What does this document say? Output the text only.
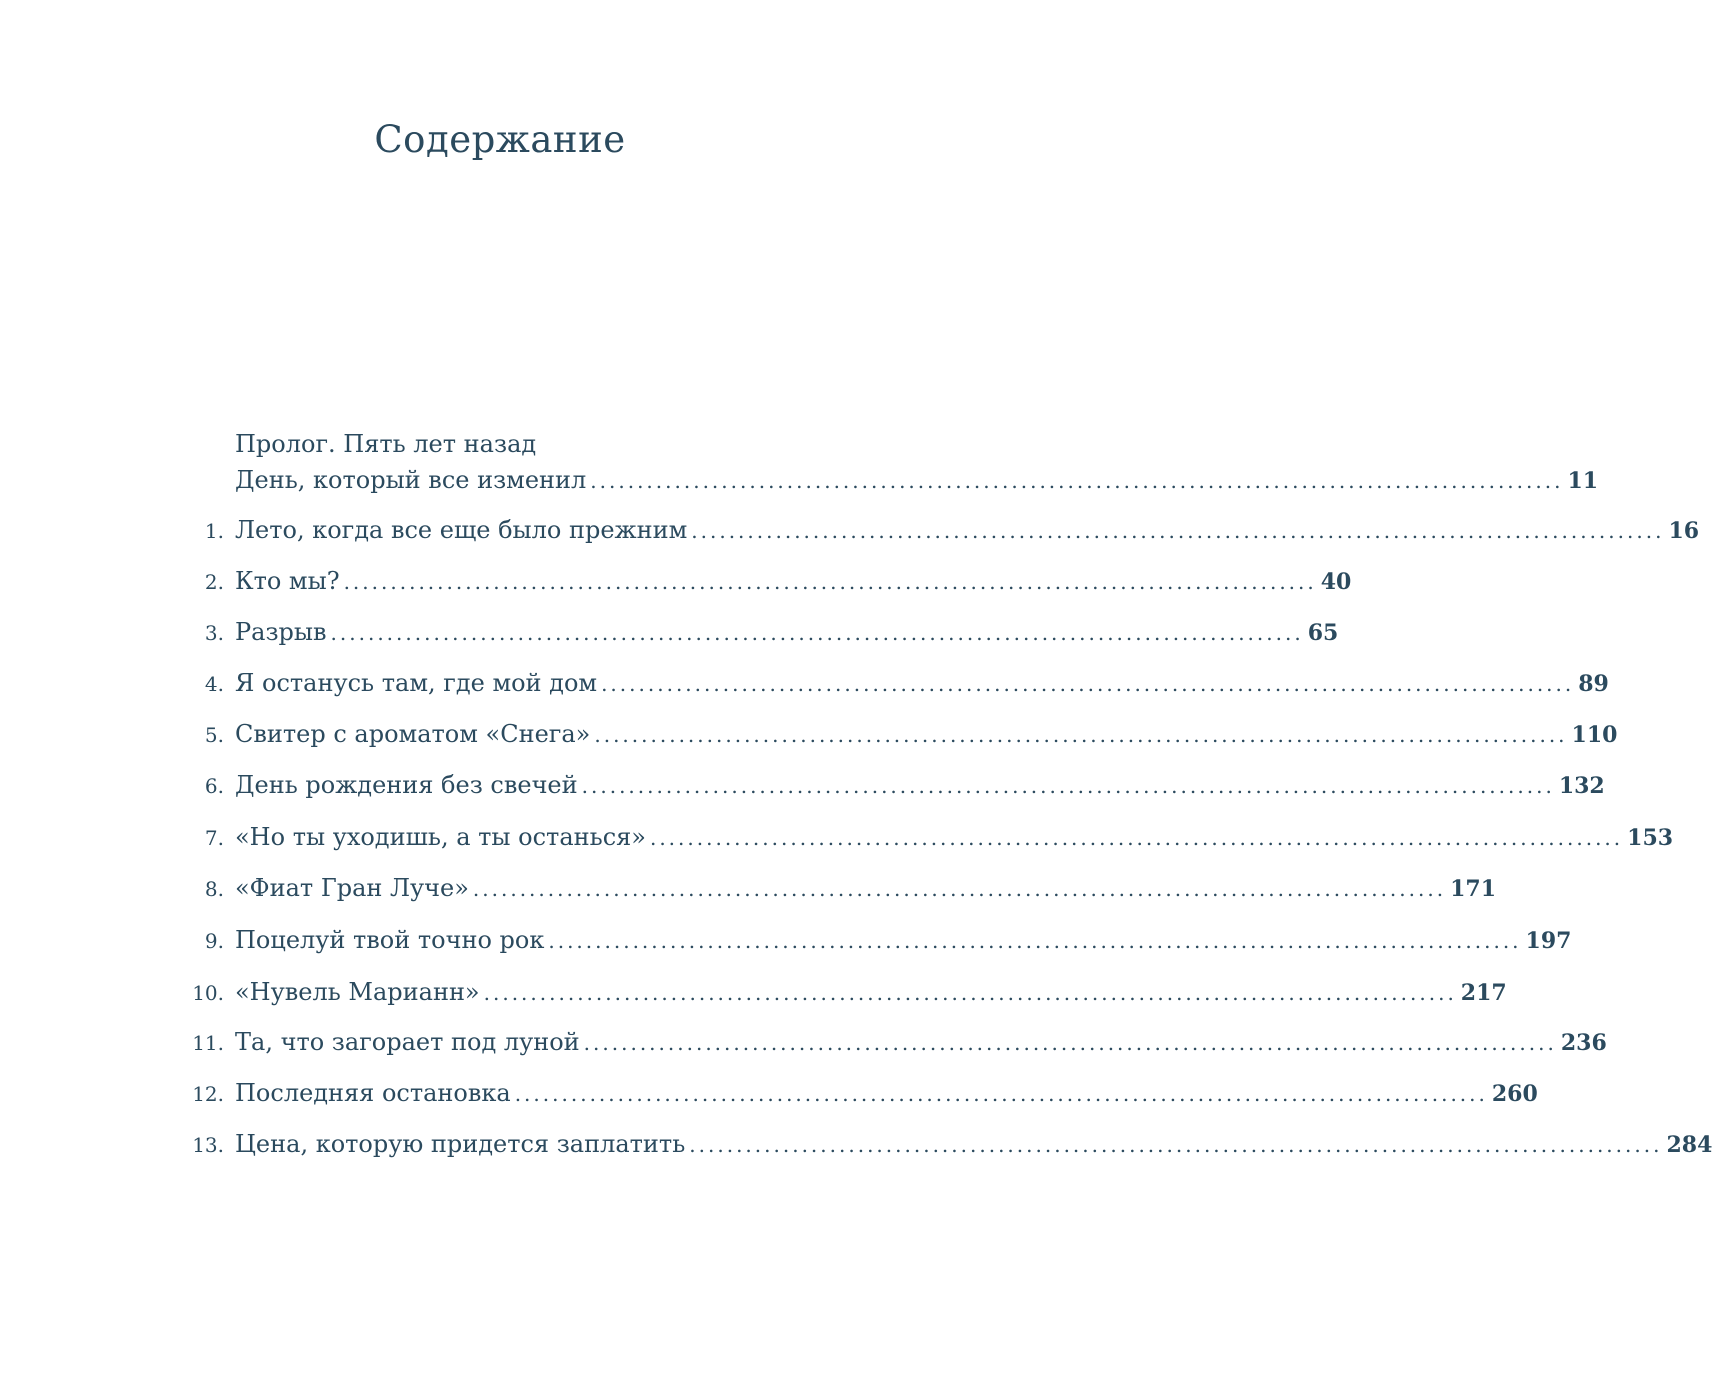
Содержание
Пролог. Пять лет назад
День, который все изменил ........................................................................................................ 11
1. Лето, когда все еще было прежним ........................................................................................................ 16
2. Кто мы? ........................................................................................................ 40
3. Разрыв ........................................................................................................ 65
4. Я останусь там, где мой дом ........................................................................................................ 89
5. Свитер с ароматом «Снега» ........................................................................................................ 110
6. День рождения без свечей ........................................................................................................ 132
7. «Но ты уходишь, а ты останься» ........................................................................................................ 153
8. «Фиат Гран Луче» ........................................................................................................ 171
9. Поцелуй твой точно рок ........................................................................................................ 197
10. «Нувель Марианн» ........................................................................................................ 217
11. Та, что загорает под луной ........................................................................................................ 236
12. Последняя остановка ........................................................................................................ 260
13. Цена, которую придется заплатить ........................................................................................................ 284
